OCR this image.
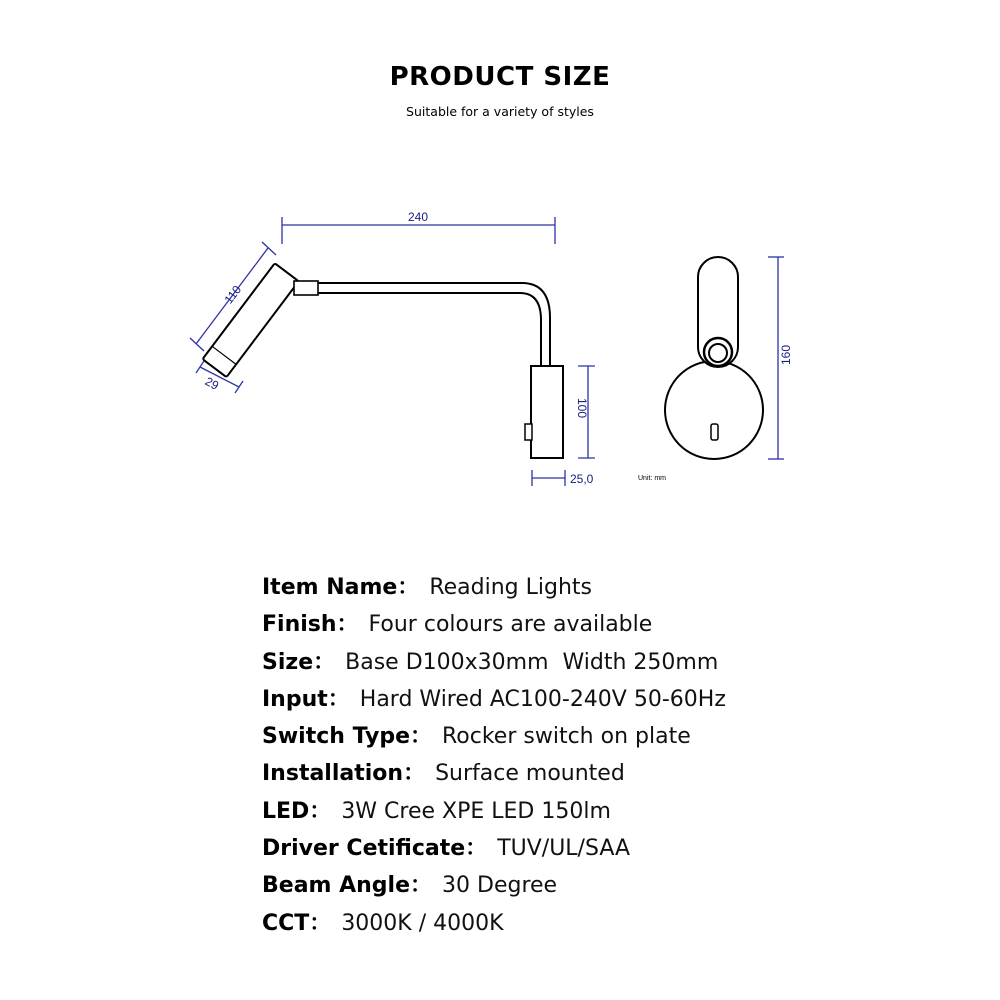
PRODUCT SIZE

Suitable for a variety of styles

240
110
29
100
25,0
160
Unit: mm
Item Name： Reading Lights
Finish： Four colours are available
Size： Base D100x30mm  Width 250mm
Input： Hard Wired AC100-240V 50-60Hz
Switch Type： Rocker switch on plate
Installation： Surface mounted
LED： 3W Cree XPE LED 150lm
Driver Cetificate： TUV/UL/SAA
Beam Angle： 30 Degree
CCT： 3000K / 4000K
